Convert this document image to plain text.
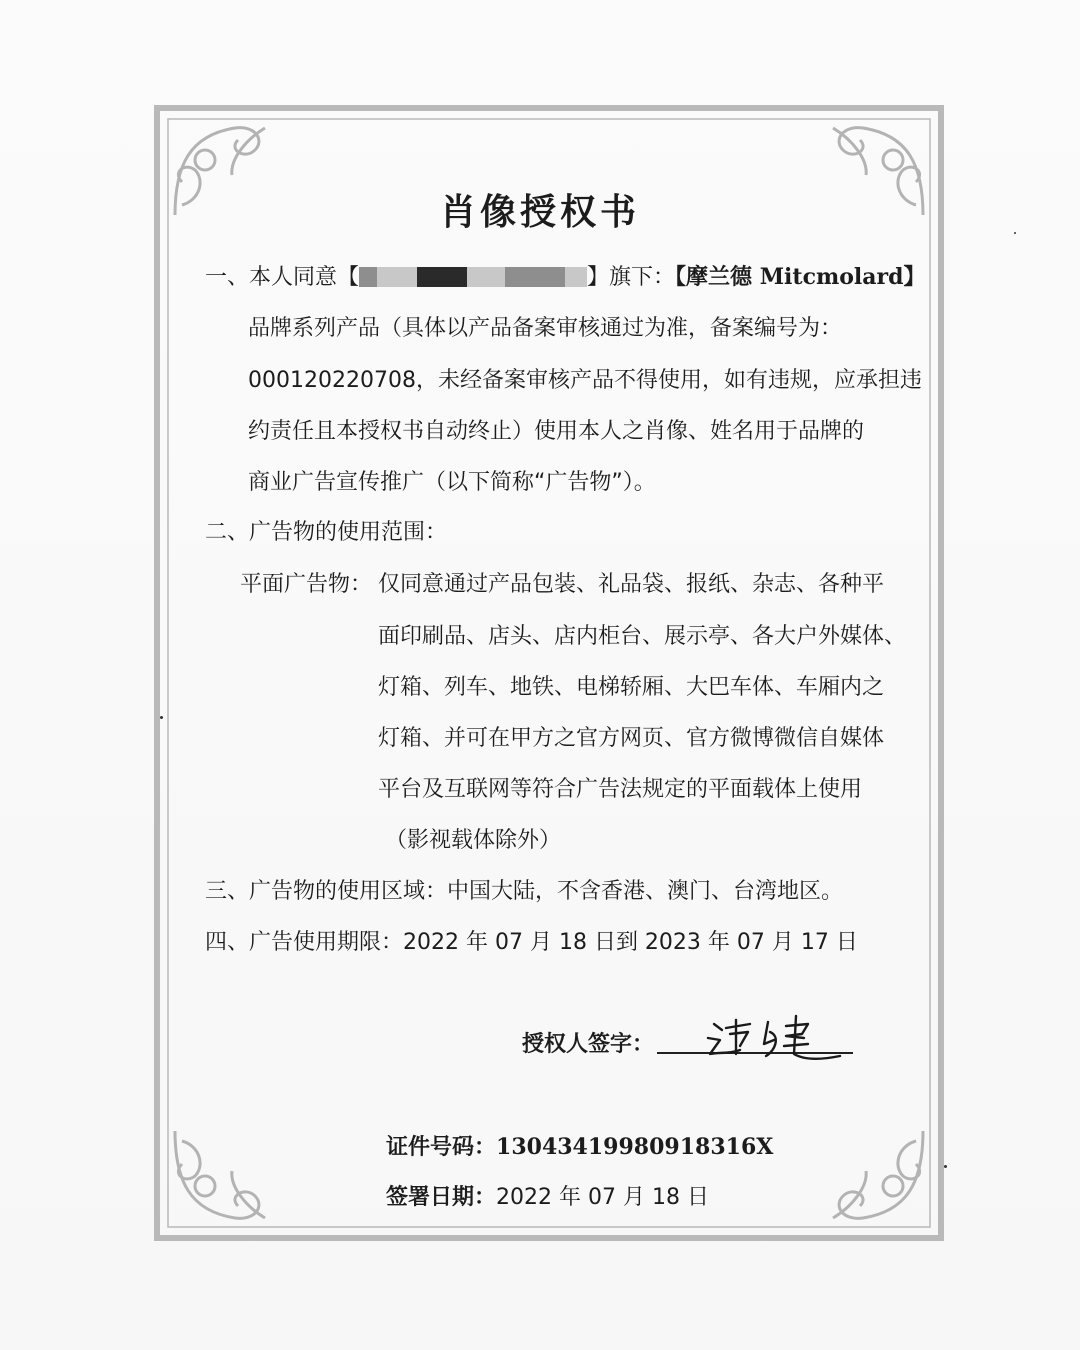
肖像授权书
一、本人同意【	】旗下：【摩兰德 Mitcmolard】
品牌系列产品（具体以产品备案审核通过为准，备案编号为：
000120220708，未经备案审核产品不得使用，如有违规，应承担违
约责任且本授权书自动终止）使用本人之肖像、姓名用于品牌的
商业广告宣传推广（以下简称“广告物”）。
二、广告物的使用范围：
平面广告物： 仅同意通过产品包装、礼品袋、报纸、杂志、各种平
面印刷品、店头、店内柜台、展示亭、各大户外媒体、
灯箱、列车、地铁、电梯轿厢、大巴车体、车厢内之
灯箱、并可在甲方之官方网页、官方微博微信自媒体
平台及互联网等符合广告法规定的平面载体上使用
（影视载体除外）
三、广告物的使用区域：中国大陆，不含香港、澳门、台湾地区。
四、广告使用期限：2022 年 07 月 18 日到 2023 年 07 月 17 日
授权人签字：
证件号码：13043419980918316X
签署日期：2022 年 07 月 18 日
